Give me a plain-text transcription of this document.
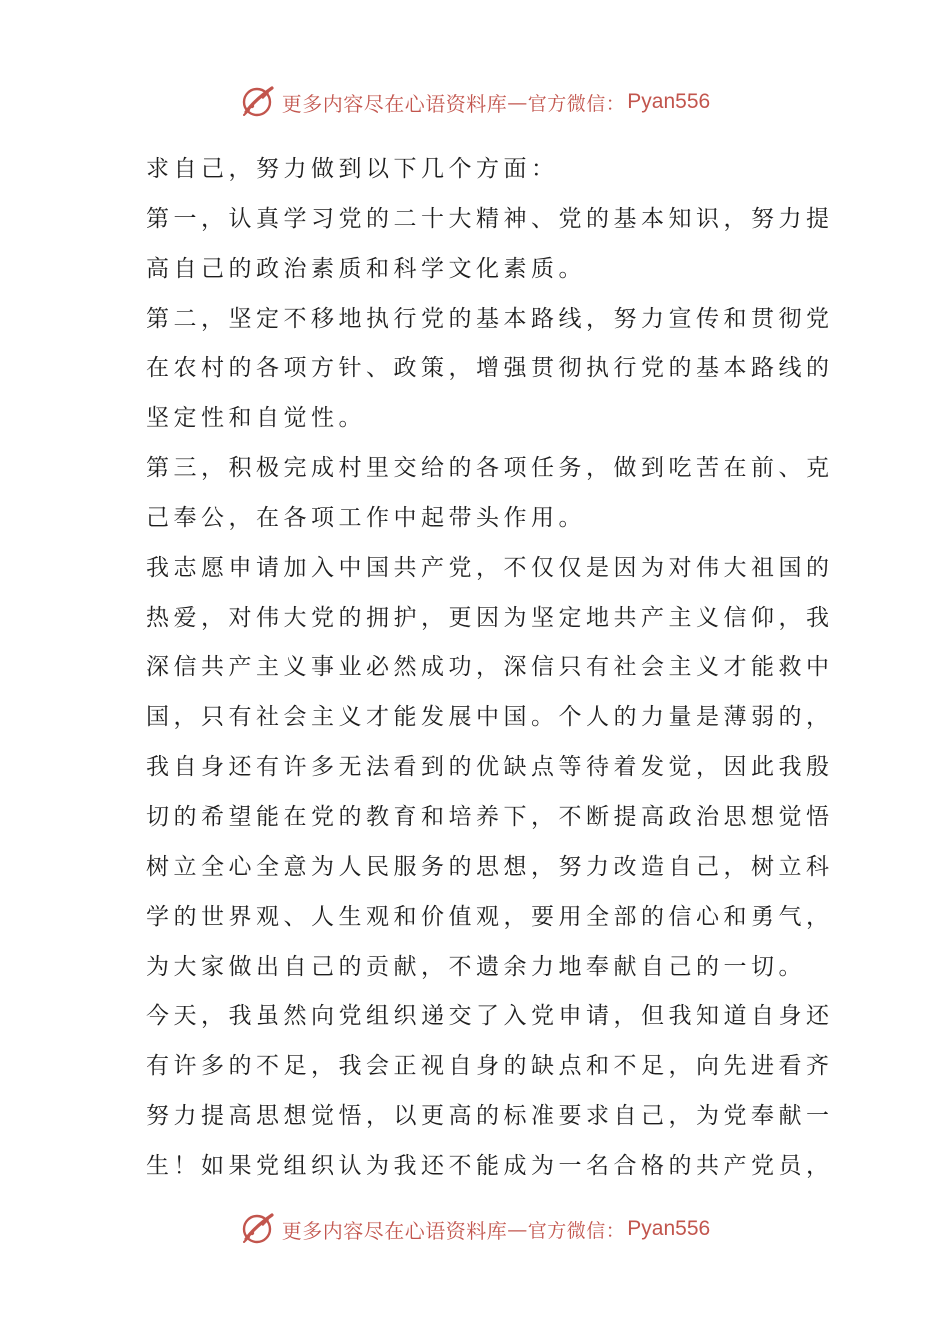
更多内容尽在心语资料库 — 官方微信： Pyan556
求自己，努力做到以下几个方面：
第一，认真学习党的二十大精神、党的基本知识，努力提
高自己的政治素质和科学文化素质。
第二，坚定不移地执行党的基本路线，努力宣传和贯彻党
在农村的各项方针、政策，增强贯彻执行党的基本路线的
坚定性和自觉性。
第三，积极完成村里交给的各项任务，做到吃苦在前、克
己奉公，在各项工作中起带头作用。
我志愿申请加入中国共产党，不仅仅是因为对伟大祖国的
热爱，对伟大党的拥护，更因为坚定地共产主义信仰，我
深信共产主义事业必然成功，深信只有社会主义才能救中
国，只有社会主义才能发展中国。个人的力量是薄弱的，
我自身还有许多无法看到的优缺点等待着发觉，因此我殷
切的希望能在党的教育和培养下，不断提高政治思想觉悟
树立全心全意为人民服务的思想，努力改造自己，树立科
学的世界观、人生观和价值观，要用全部的信心和勇气，
为大家做出自己的贡献，不遗余力地奉献自己的一切。
今天，我虽然向党组织递交了入党申请，但我知道自身还
有许多的不足，我会正视自身的缺点和不足，向先进看齐
努力提高思想觉悟，以更高的标准要求自己，为党奉献一
生！如果党组织认为我还不能成为一名合格的共产党员，
更多内容尽在心语资料库 — 官方微信： Pyan556
